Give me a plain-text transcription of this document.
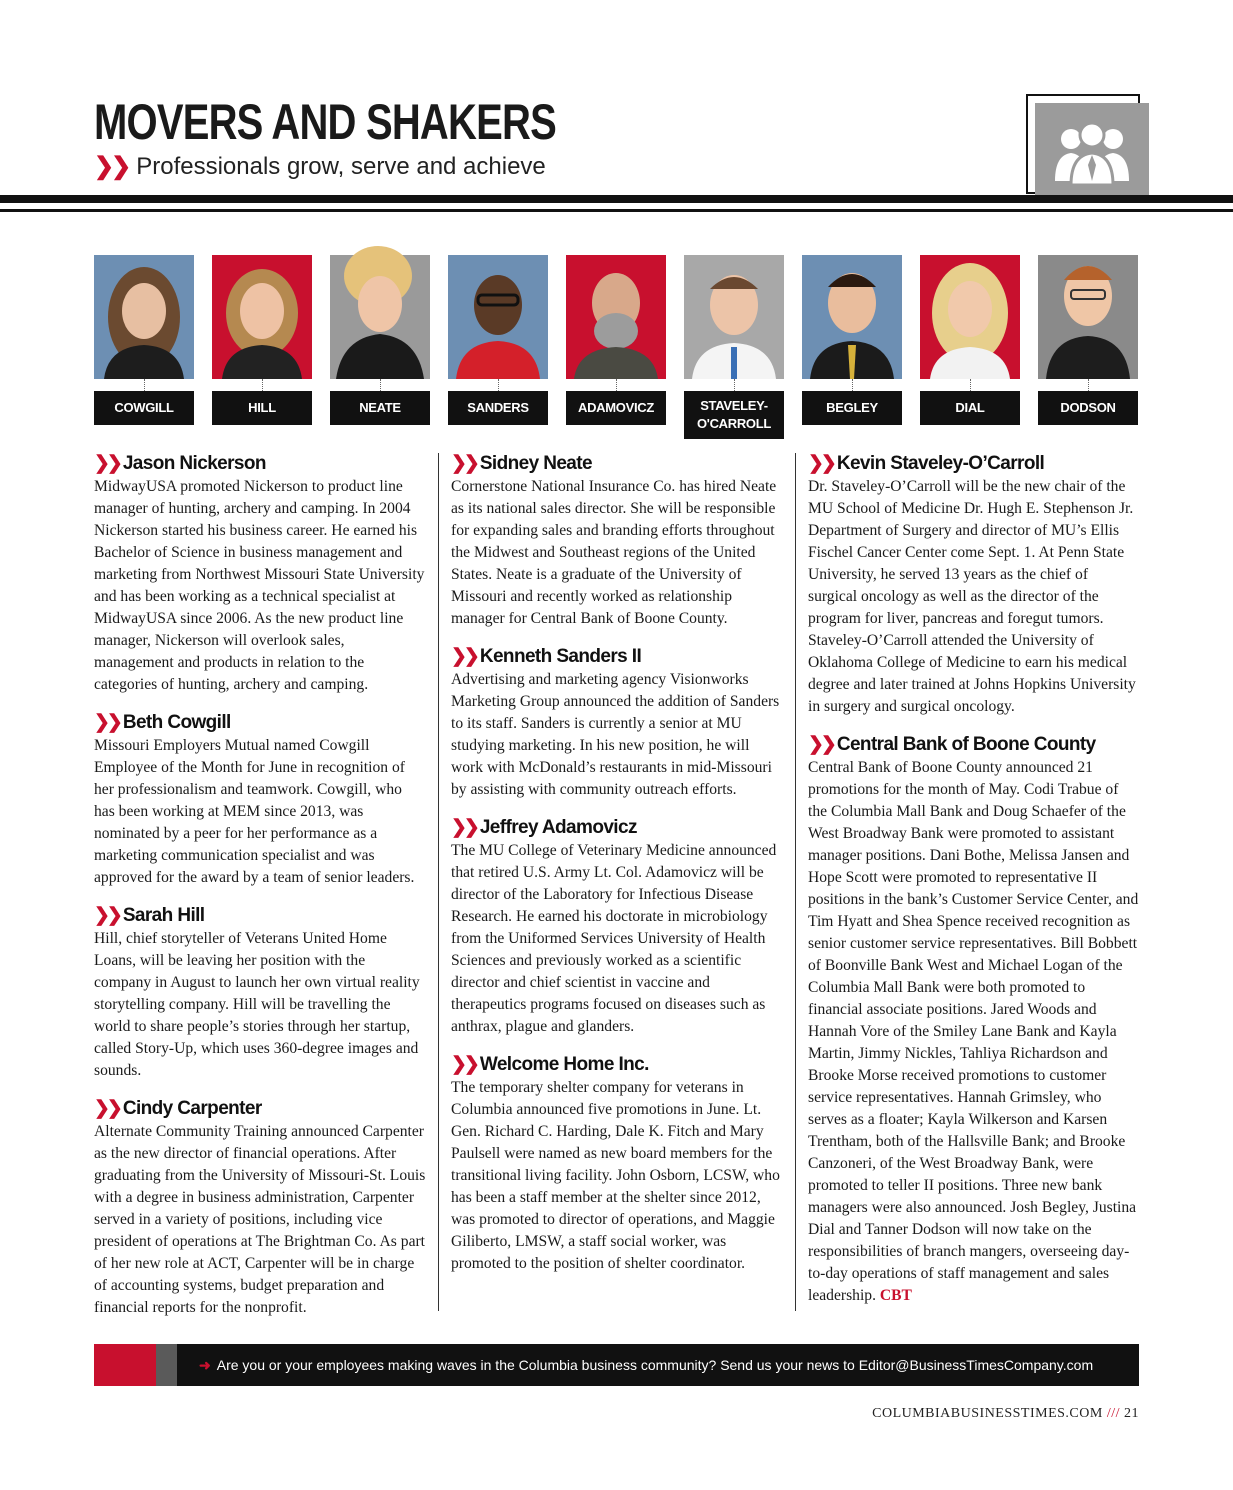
MOVERS AND SHAKERS
❯❯ Professionals grow, serve and achieve
COWGILL	HILL	NEATE	SANDERS	ADAMOVICZ	STAVELEY-
O'CARROLL
BEGLEY	DIAL	DODSON
❯❯ Jason Nickerson

MidwayUSA promoted Nickerson to product line manager of hunting, archery and camping. In 2004 Nickerson started his business career. He earned his Bachelor of Science in business management and marketing from Northwest Missouri State University and has been working as a technical specialist at MidwayUSA since 2006. As the new product line manager, Nickerson will overlook sales, management and products in relation to the categories of hunting, archery and camping.

❯❯ Beth Cowgill

Missouri Employers Mutual named Cowgill Employee of the Month for June in recognition of her professionalism and teamwork. Cowgill, who has been working at MEM since 2013, was nominated by a peer for her performance as a marketing communication specialist and was approved for the award by a team of senior leaders.

❯❯ Sarah Hill

Hill, chief storyteller of Veterans United Home Loans, will be leaving her position with the company in August to launch her own virtual reality storytelling company. Hill will be travelling the world to share people’s stories through her startup, called Story-Up, which uses 360-degree images and sounds.

❯❯ Cindy Carpenter

Alternate Community Training announced Carpenter as the new director of financial operations. After graduating from the University of Missouri-St. Louis with a degree in business administration, Carpenter served in a variety of positions, including vice president of operations at The Brightman Co. As part of her new role at ACT, Carpenter will be in charge of accounting systems, budget preparation and financial reports for the nonprofit.

❯❯ Sidney Neate

Cornerstone National Insurance Co. has hired Neate as its national sales director. She will be responsible for expanding sales and branding efforts throughout the Midwest and Southeast regions of the United States. Neate is a graduate of the University of Missouri and recently worked as relationship manager for Central Bank of Boone County.

❯❯ Kenneth Sanders II

Advertising and marketing agency Visionworks Marketing Group announced the addition of Sanders to its staff. Sanders is currently a senior at MU studying marketing. In his new position, he will work with McDonald’s restaurants in mid-Missouri by assisting with community outreach efforts.

❯❯ Jeffrey Adamovicz

The MU College of Veterinary Medicine announced that retired U.S. Army Lt. Col. Adamovicz will be director of the Laboratory for Infectious Disease Research. He earned his doctorate in microbiology from the Uniformed Services University of Health Sciences and previously worked as a scientific director and chief scientist in vaccine and therapeutics programs focused on diseases such as anthrax, plague and glanders.

❯❯ Welcome Home Inc.

The temporary shelter company for veterans in Columbia announced five promotions in June. Lt. Gen. Richard C. Harding, Dale K. Fitch and Mary Paulsell were named as new board members for the transitional living facility. John Osborn, LCSW, who has been a staff member at the shelter since 2012, was promoted to director of operations, and Maggie Giliberto, LMSW, a staff social worker, was promoted to the position of shelter coordinator.

❯❯ Kevin Staveley-O’Carroll

Dr. Staveley-O’Carroll will be the new chair of the MU School of Medicine Dr. Hugh E. Stephenson Jr. Department of Surgery and director of MU’s Ellis Fischel Cancer Center come Sept. 1. At Penn State University, he served 13 years as the chief of surgical oncology as well as the director of the program for liver, pancreas and foregut tumors. Staveley-O’Carroll attended the University of Oklahoma College of Medicine to earn his medical degree and later trained at Johns Hopkins University in surgery and surgical oncology.

❯❯ Central Bank of Boone County

Central Bank of Boone County announced 21 promotions for the month of May. Codi Trabue of the Columbia Mall Bank and Doug Schaefer of the West Broadway Bank were promoted to assistant manager positions. Dani Bothe, Melissa Jansen and Hope Scott were promoted to representative II positions in the bank’s Customer Service Center, and Tim Hyatt and Shea Spence received recognition as senior customer service representatives. Bill Bobbett of Boonville Bank West and Michael Logan of the Columbia Mall Bank were both promoted to financial associate positions. Jared Woods and Hannah Vore of the Smiley Lane Bank and Kayla Martin, Jimmy Nickles, Tahliya Richardson and Brooke Morse received promotions to customer service representatives. Hannah Grimsley, who serves as a floater; Kayla Wilkerson and Karsen Trentham, both of the Hallsville Bank; and Brooke Canzoneri, of the West Broadway Bank, were promoted to teller II positions. Three new bank managers were also announced. Josh Begley, Justina Dial and Tanner Dodson will now take on the responsibilities of branch mangers, overseeing day-to-day operations of staff management and sales leadership. CBT

➜ Are you or your employees making waves in the Columbia business community? Send us your news to Editor@BusinessTimesCompany.com
COLUMBIABUSINESSTIMES.COM /// 21
